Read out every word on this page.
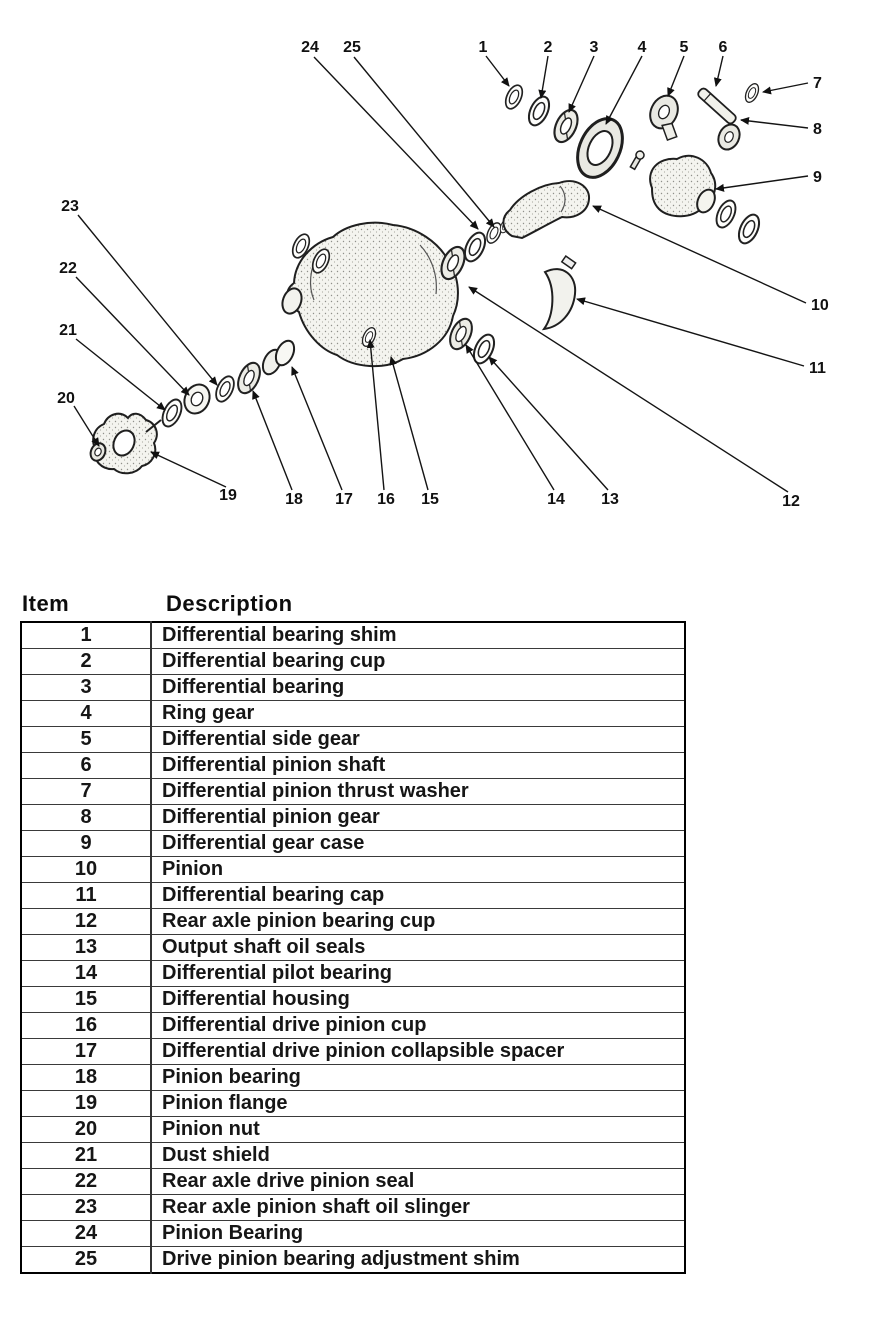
1	2 3 4 5 6
7
8
9
10
11
12
13
14
15
16
17
18
19
20
21
22
23
24 25
Item	Description
1	Differential bearing shim
2	Differential bearing cup
3	Differential bearing
4	Ring gear
5	Differential side gear
6	Differential pinion shaft
7	Differential pinion thrust washer
8	Differential pinion gear
9	Differential gear case
10	Pinion
11	Differential bearing cap
12	Rear axle pinion bearing cup
13	Output shaft oil seals
14	Differential pilot bearing
15	Differential housing
16	Differential drive pinion cup
17	Differential drive pinion collapsible spacer
18	Pinion bearing
19	Pinion flange
20	Pinion nut
21	Dust shield
22	Rear axle drive pinion seal
23	Rear axle pinion shaft oil slinger
24	Pinion Bearing
25	Drive pinion bearing adjustment shim
